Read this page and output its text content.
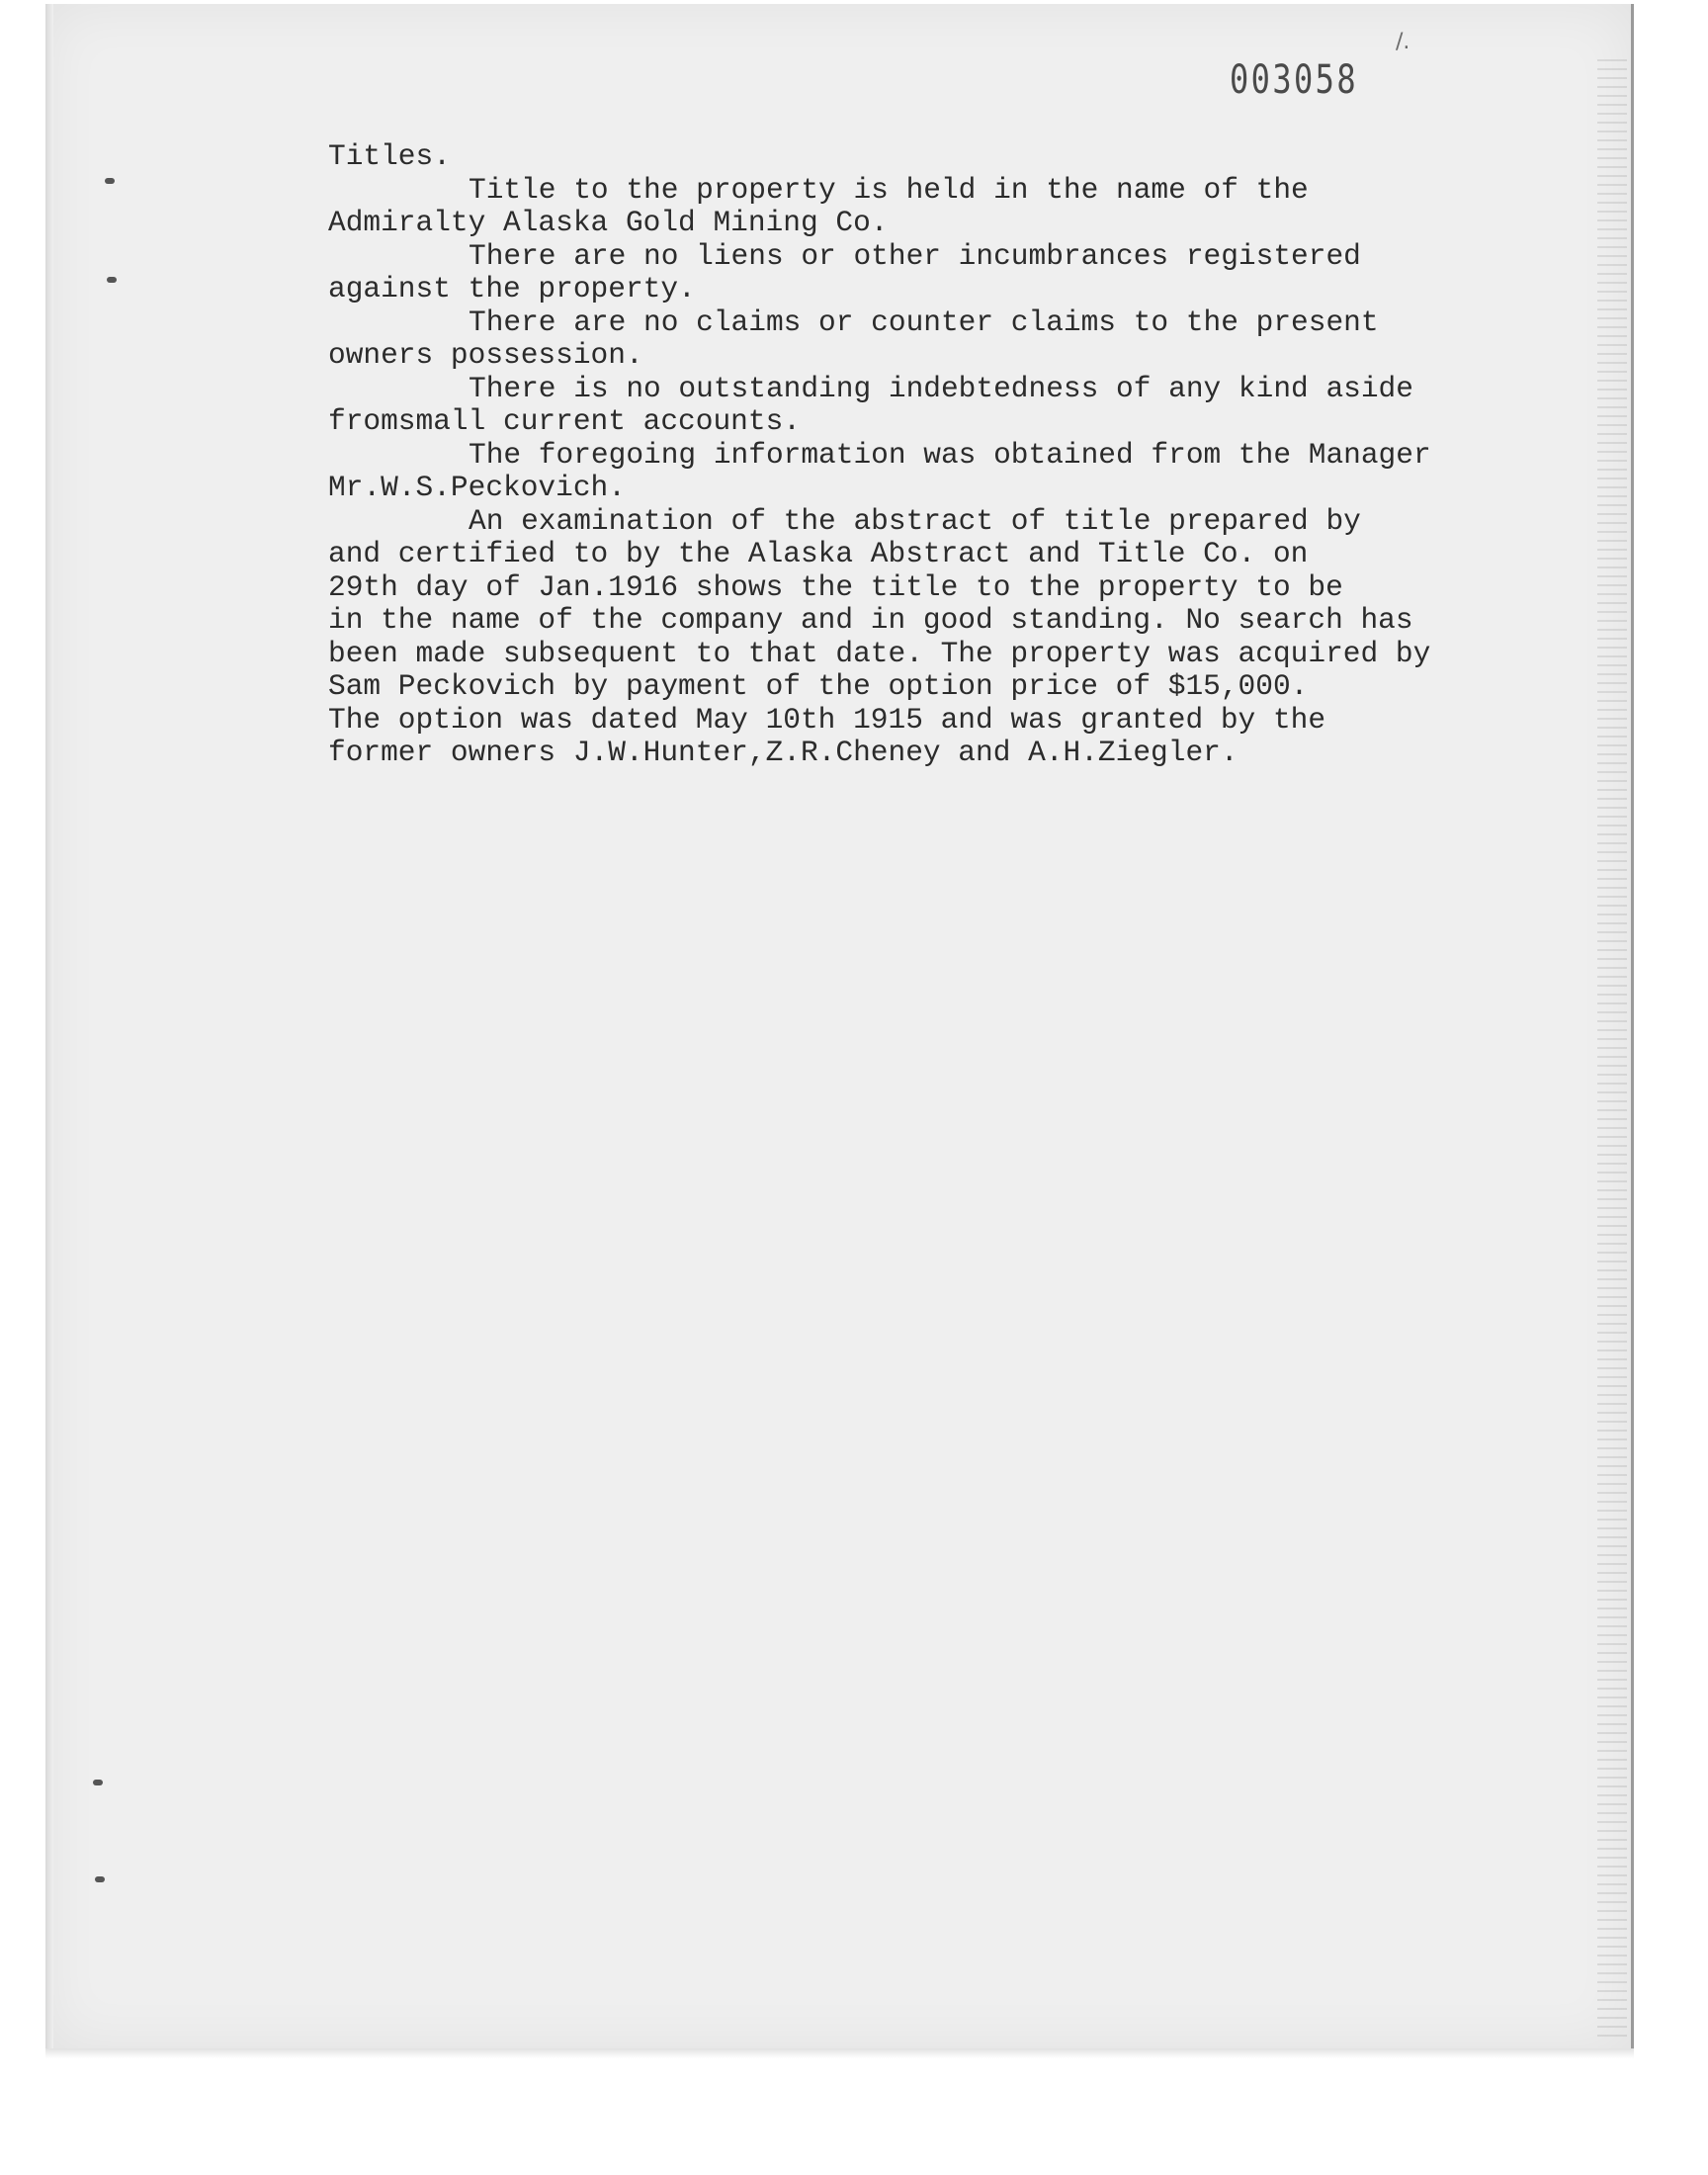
/.
003058
Titles.
Title to the property is held in the name of the
Admiralty Alaska Gold Mining Co.
There are no liens or other incumbrances registered
against the property.
There are no claims or counter claims to the present
owners possession.
There is no outstanding indebtedness of any kind aside
fromsmall current accounts.
The foregoing information was obtained from the Manager
Mr.W.S.Peckovich.
An examination of the abstract of title prepared by
and certified to by the Alaska Abstract and Title Co. on
29th day of Jan.1916 shows the title to the property to be
in the name of the company and in good standing. No search has
been made subsequent to that date. The property was acquired by
Sam Peckovich by payment of the option price of $15,000.
The option was dated May 10th 1915 and was granted by the
former owners J.W.Hunter,Z.R.Cheney and A.H.Ziegler.
